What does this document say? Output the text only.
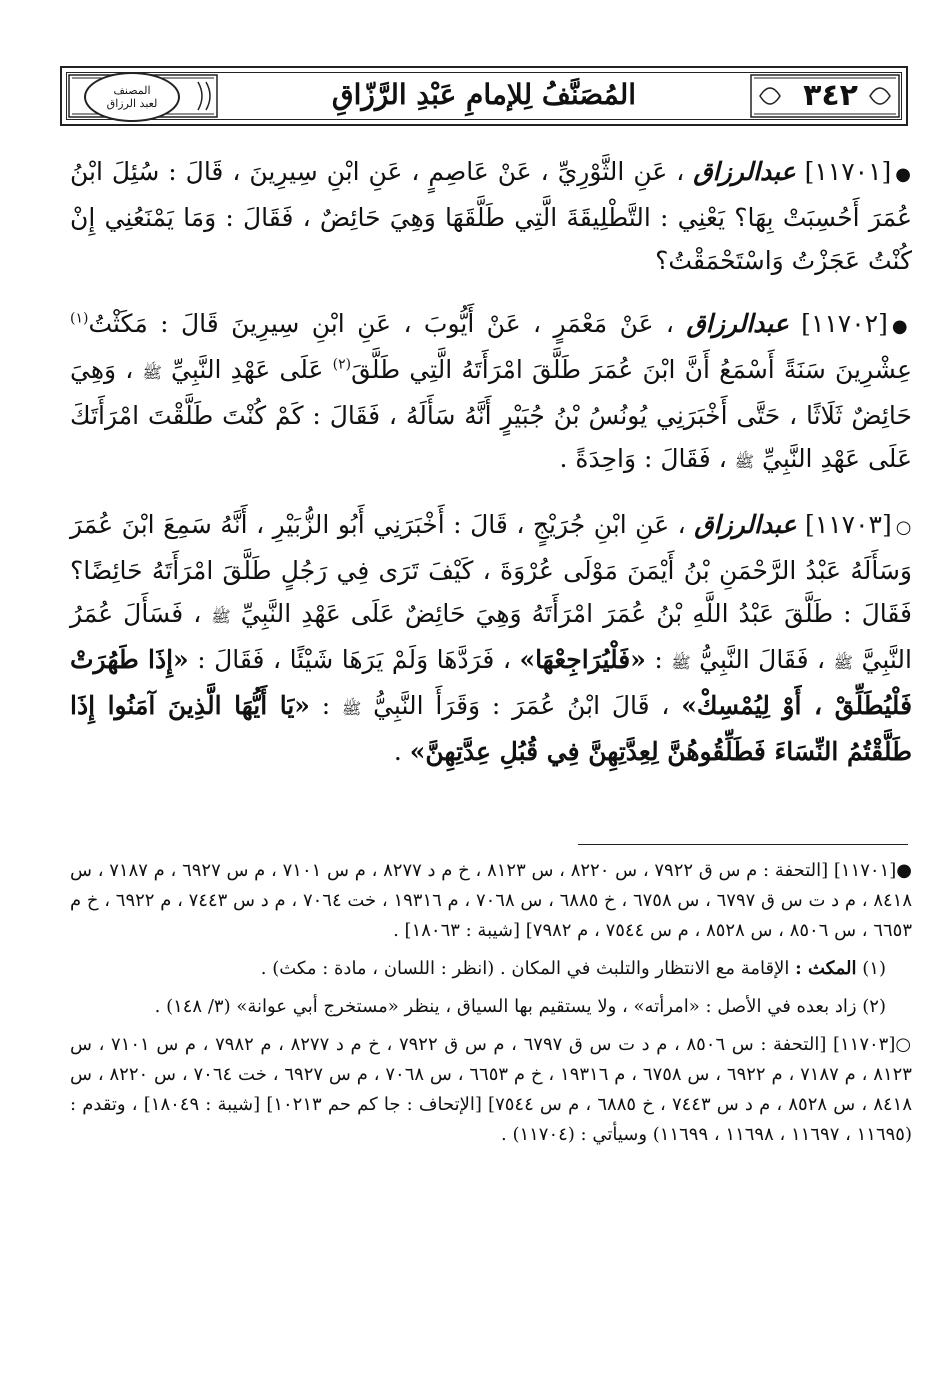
٣٤٢
المصنف
لعبد الرزاق	المُصَنَّفُ لِلإمامِ عَبْدِ الرَّزّاقِ

●[١١٧٠١] عبدالرزاق ، عَنِ الثَّوْرِيِّ ، عَنْ عَاصِمٍ ، عَنِ ابْنِ سِيرِينَ ، قَالَ : سُئِلَ ابْنُ عُمَرَ أَحُسِبَتْ بِهَا؟ يَعْنِي : التَّطْلِيقَةَ الَّتِي طَلَّقَهَا وَهِيَ حَائِضٌ ، فَقَالَ : وَمَا يَمْنَعُنِي إِنْ كُنْتُ عَجَزْتُ وَاسْتَحْمَقْتُ؟

●[١١٧٠٢] عبدالرزاق ، عَنْ مَعْمَرٍ ، عَنْ أَيُّوبَ ، عَنِ ابْنِ سِيرِينَ قَالَ : مَكَثْتُ$^{(١)}$ عِشْرِينَ سَنَةً أَسْمَعُ أَنَّ ابْنَ عُمَرَ طَلَّقَ امْرَأَتَهُ الَّتِي طَلَّقَ$^{(٢)}$ عَلَى عَهْدِ النَّبِيِّ ﷺ ، وَهِيَ حَائِضٌ ثَلَاثًا ، حَتَّى أَخْبَرَنِي يُونُسُ بْنُ جُبَيْرٍ أَنَّهُ سَأَلَهُ ، فَقَالَ : كَمْ كُنْتَ طَلَّقْتَ امْرَأَتَكَ عَلَى عَهْدِ النَّبِيِّ ﷺ ، فَقَالَ : وَاحِدَةً .

○[١١٧٠٣] عبدالرزاق ، عَنِ ابْنِ جُرَيْجٍ ، قَالَ : أَخْبَرَنِي أَبُو الزُّبَيْرِ ، أَنَّهُ سَمِعَ ابْنَ عُمَرَ وَسَأَلَهُ عَبْدُ الرَّحْمَنِ بْنُ أَيْمَنَ مَوْلَى عُرْوَةَ ، كَيْفَ تَرَى فِي رَجُلٍ طَلَّقَ امْرَأَتَهُ حَائِضًا؟ فَقَالَ : طَلَّقَ عَبْدُ اللَّهِ بْنُ عُمَرَ امْرَأَتَهُ وَهِيَ حَائِضٌ عَلَى عَهْدِ النَّبِيِّ ﷺ ، فَسَأَلَ عُمَرُ النَّبِيَّ ﷺ ، فَقَالَ النَّبِيُّ ﷺ : «فَلْيُرَاجِعْهَا» ، فَرَدَّهَا وَلَمْ يَرَهَا شَيْئًا ، فَقَالَ : «إِذَا طَهُرَتْ فَلْيُطَلِّقْ ، أَوْ لِيُمْسِكْ» ، قَالَ ابْنُ عُمَرَ : وَقَرَأَ النَّبِيُّ ﷺ : «يَا أَيُّهَا الَّذِينَ آمَنُوا إِذَا طَلَّقْتُمُ النِّسَاءَ فَطَلِّقُوهُنَّ لِعِدَّتِهِنَّ فِي قُبُلِ عِدَّتِهِنَّ» .

●[١١٧٠١] [التحفة : م س ق ٧٩٢٢ ، س ٨٢٢٠ ، س ٨١٢٣ ، خ م د ٨٢٧٧ ، م س ٧١٠١ ، م س ٦٩٢٧ ، م ٧١٨٧ ، س ٨٤١٨ ، م د ت س ق ٦٧٩٧ ، س ٦٧٥٨ ، خ ٦٨٨٥ ، س ٧٠٦٨ ، م ١٩٣١٦ ، خت ٧٠٦٤ ، م د س ٧٤٤٣ ، م ٦٩٢٢ ، خ م ٦٦٥٣ ، س ٨٥٠٦ ، س ٨٥٢٨ ، م س ٧٥٤٤ ، م ٧٩٨٢] [شيبة : ١٨٠٦٣] .

(١) المكث : الإقامة مع الانتظار والتلبث في المكان . (انظر : اللسان ، مادة : مكث) .

(٢) زاد بعده في الأصل : «امرأته» ، ولا يستقيم بها السياق ، ينظر «مستخرج أبي عوانة» (٣/ ١٤٨) .

○[١١٧٠٣] [التحفة : س ٨٥٠٦ ، م د ت س ق ٦٧٩٧ ، م س ق ٧٩٢٢ ، خ م د ٨٢٧٧ ، م ٧٩٨٢ ، م س ٧١٠١ ، س ٨١٢٣ ، م ٧١٨٧ ، م ٦٩٢٢ ، س ٦٧٥٨ ، م ١٩٣١٦ ، خ م ٦٦٥٣ ، س ٧٠٦٨ ، م س ٦٩٢٧ ، خت ٧٠٦٤ ، س ٨٢٢٠ ، س ٨٤١٨ ، س ٨٥٢٨ ، م د س ٧٤٤٣ ، خ ٦٨٨٥ ، م س ٧٥٤٤] [الإتحاف : جا كم حم ١٠٢١٣] [شيبة : ١٨٠٤٩] ، وتقدم : (١١٦٩٥ ، ١١٦٩٧ ، ١١٦٩٨ ، ١١٦٩٩) وسيأتي : (١١٧٠٤) .
